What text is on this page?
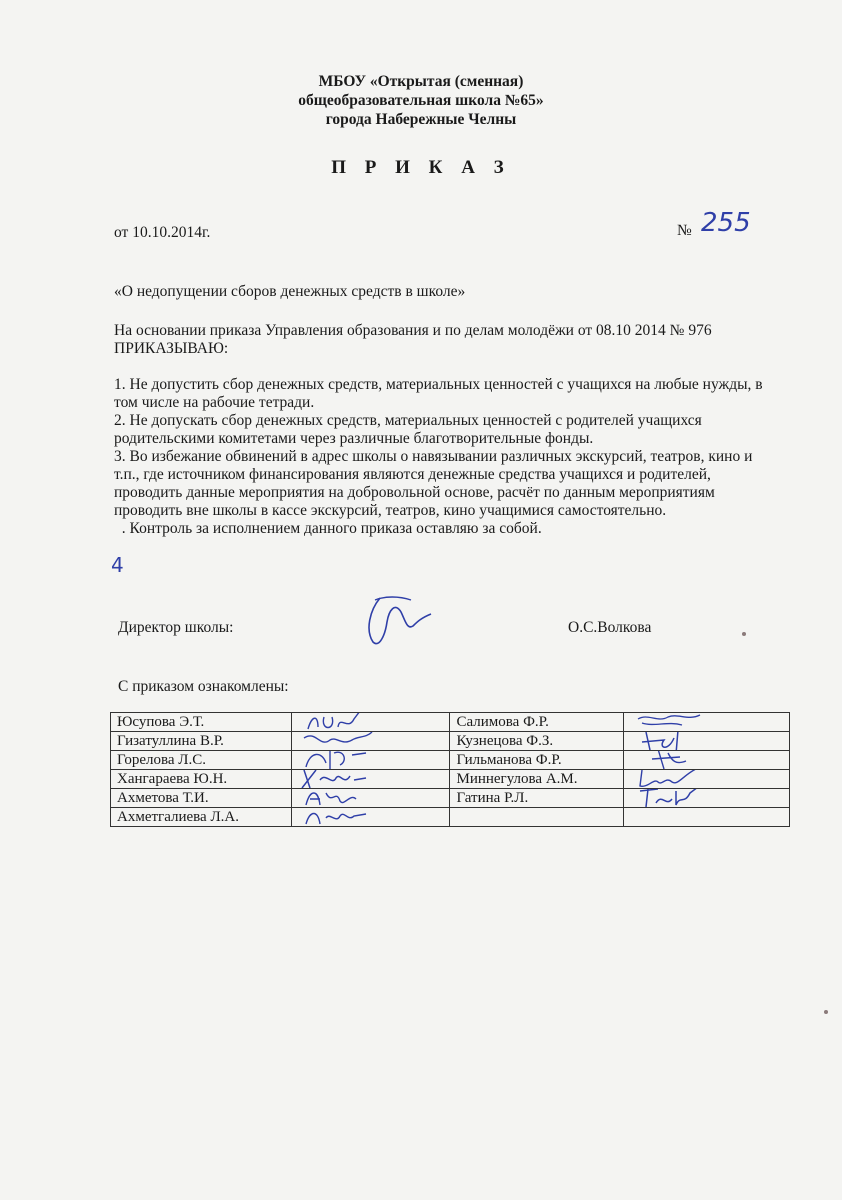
МБОУ «Открытая (сменная)
общеобразовательная школа №65»
города Набережные Челны
П Р И К А З
от 10.10.2014г.	№ 255
«О недопущении сборов денежных средств в школе»

На основании приказа Управления образования и по делам молодёжи от 08.10 2014 № 976

ПРИКАЗЫВАЮ:

1. Не допустить сбор денежных средств, материальных ценностей с учащихся на любые нужды, в том числе на рабочие тетради.

2. Не допускать сбор денежных средств, материальных ценностей с родителей учащихся родительскими комитетами через различные благотворительные фонды.

3. Во избежание обвинений в адрес школы о навязывании различных экскурсий, театров, кино и т.п., где источником финансирования являются денежные средства учащихся и родителей, проводить данные мероприятия на добровольной основе, расчёт по данным мероприятиям проводить вне школы в кассе экскурсий, театров, кино учащимися самостоятельно.

. Контроль за исполнением данного приказа оставляю за собой.

4
Директор школы:	О.С.Волкова
С приказом ознакомлены:
Юсупова Э.Т.		Салимова Ф.Р.	

Гизатуллина В.Р.		Кузнецова Ф.З.	

Горелова Л.С.		Гильманова Ф.Р.	

Хангараева Ю.Н.		Миннегулова А.М.	

Ахметова Т.И.		Гатина Р.Л.	

Ахметгалиева Л.А.	
